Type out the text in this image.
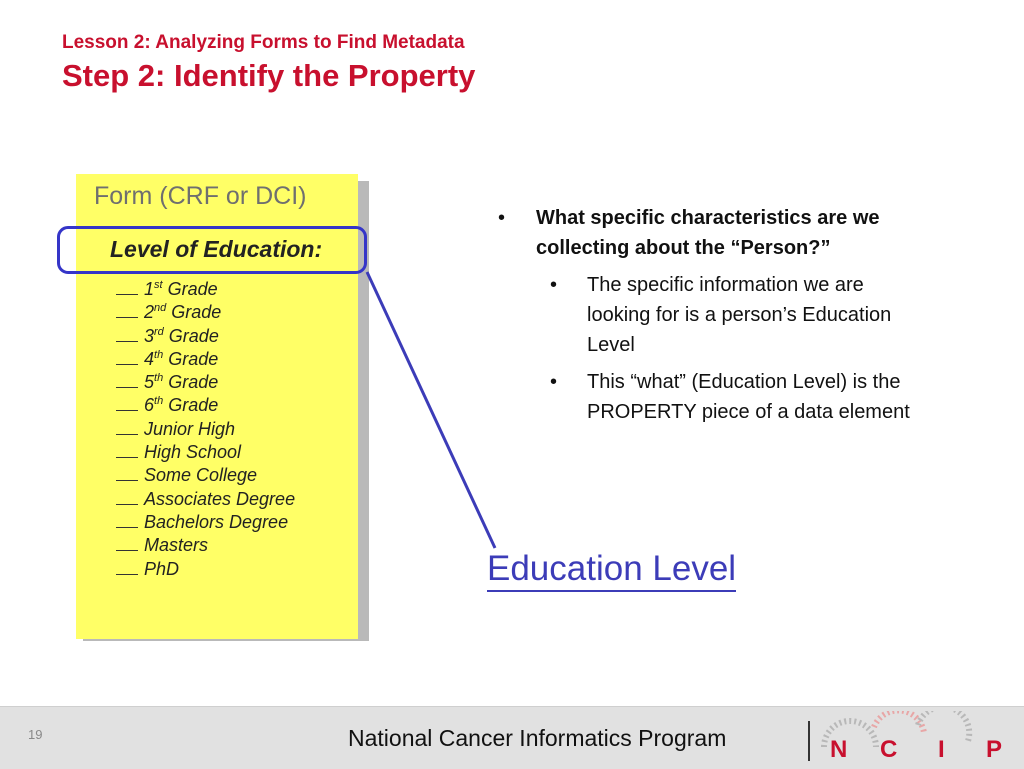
Lesson 2: Analyzing Forms to Find Metadata
Step 2: Identify the Property
Form (CRF or DCI)
Level of Education:
1st Grade
2nd Grade
3rd Grade
4th Grade
5th Grade
6th Grade
Junior High
High School
Some College
Associates Degree
Bachelors Degree
Masters
PhD	Education Level
• What specific characteristics are we collecting about the “Person?”
• The specific information we are looking for is a person’s Education Level
• This “what” (Education Level) is the PROPERTY piece of a data element
19	National Cancer Informatics Program	N C I P
